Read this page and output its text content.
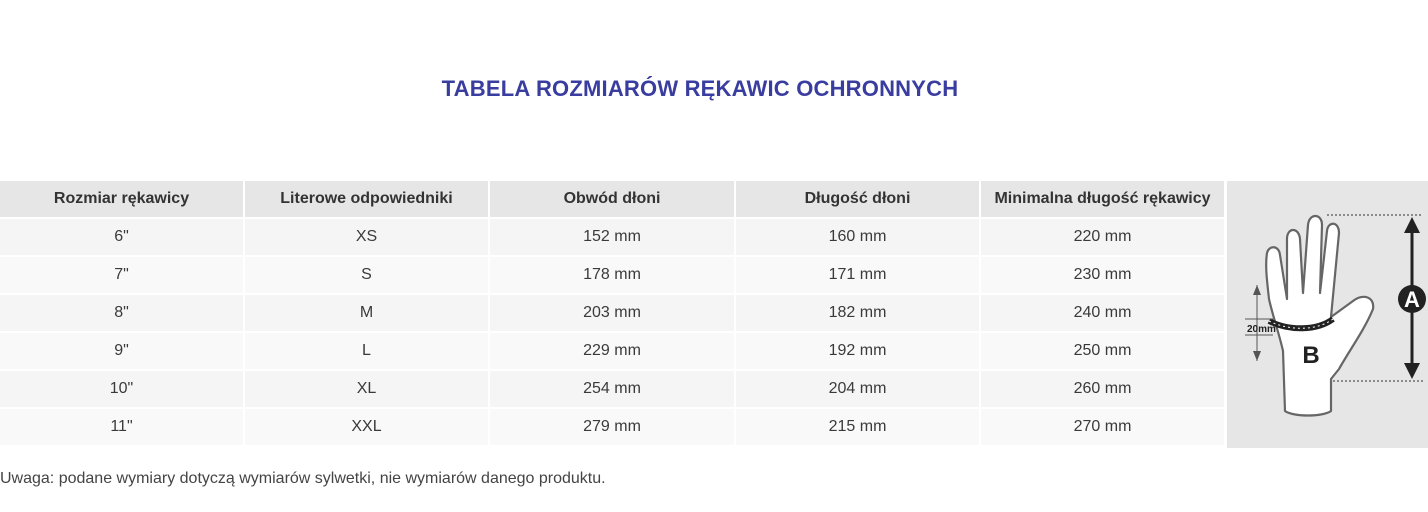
TABELA ROZMIARÓW RĘKAWIC OCHRONNYCH
Rozmiar rękawicy	Literowe odpowiedniki	Obwód dłoni	Długość dłoni	Minimalna długość rękawicy
6"	XS	152 mm	160 mm	220 mm
7"	S	178 mm	171 mm	230 mm
8"	M	203 mm	182 mm	240 mm
9"	L	229 mm	192 mm	250 mm
10"	XL	254 mm	204 mm	260 mm
11"	XXL	279 mm	215 mm	270 mm
A
B
20mm

Uwaga: podane wymiary dotyczą wymiarów sylwetki, nie wymiarów danego produktu.
